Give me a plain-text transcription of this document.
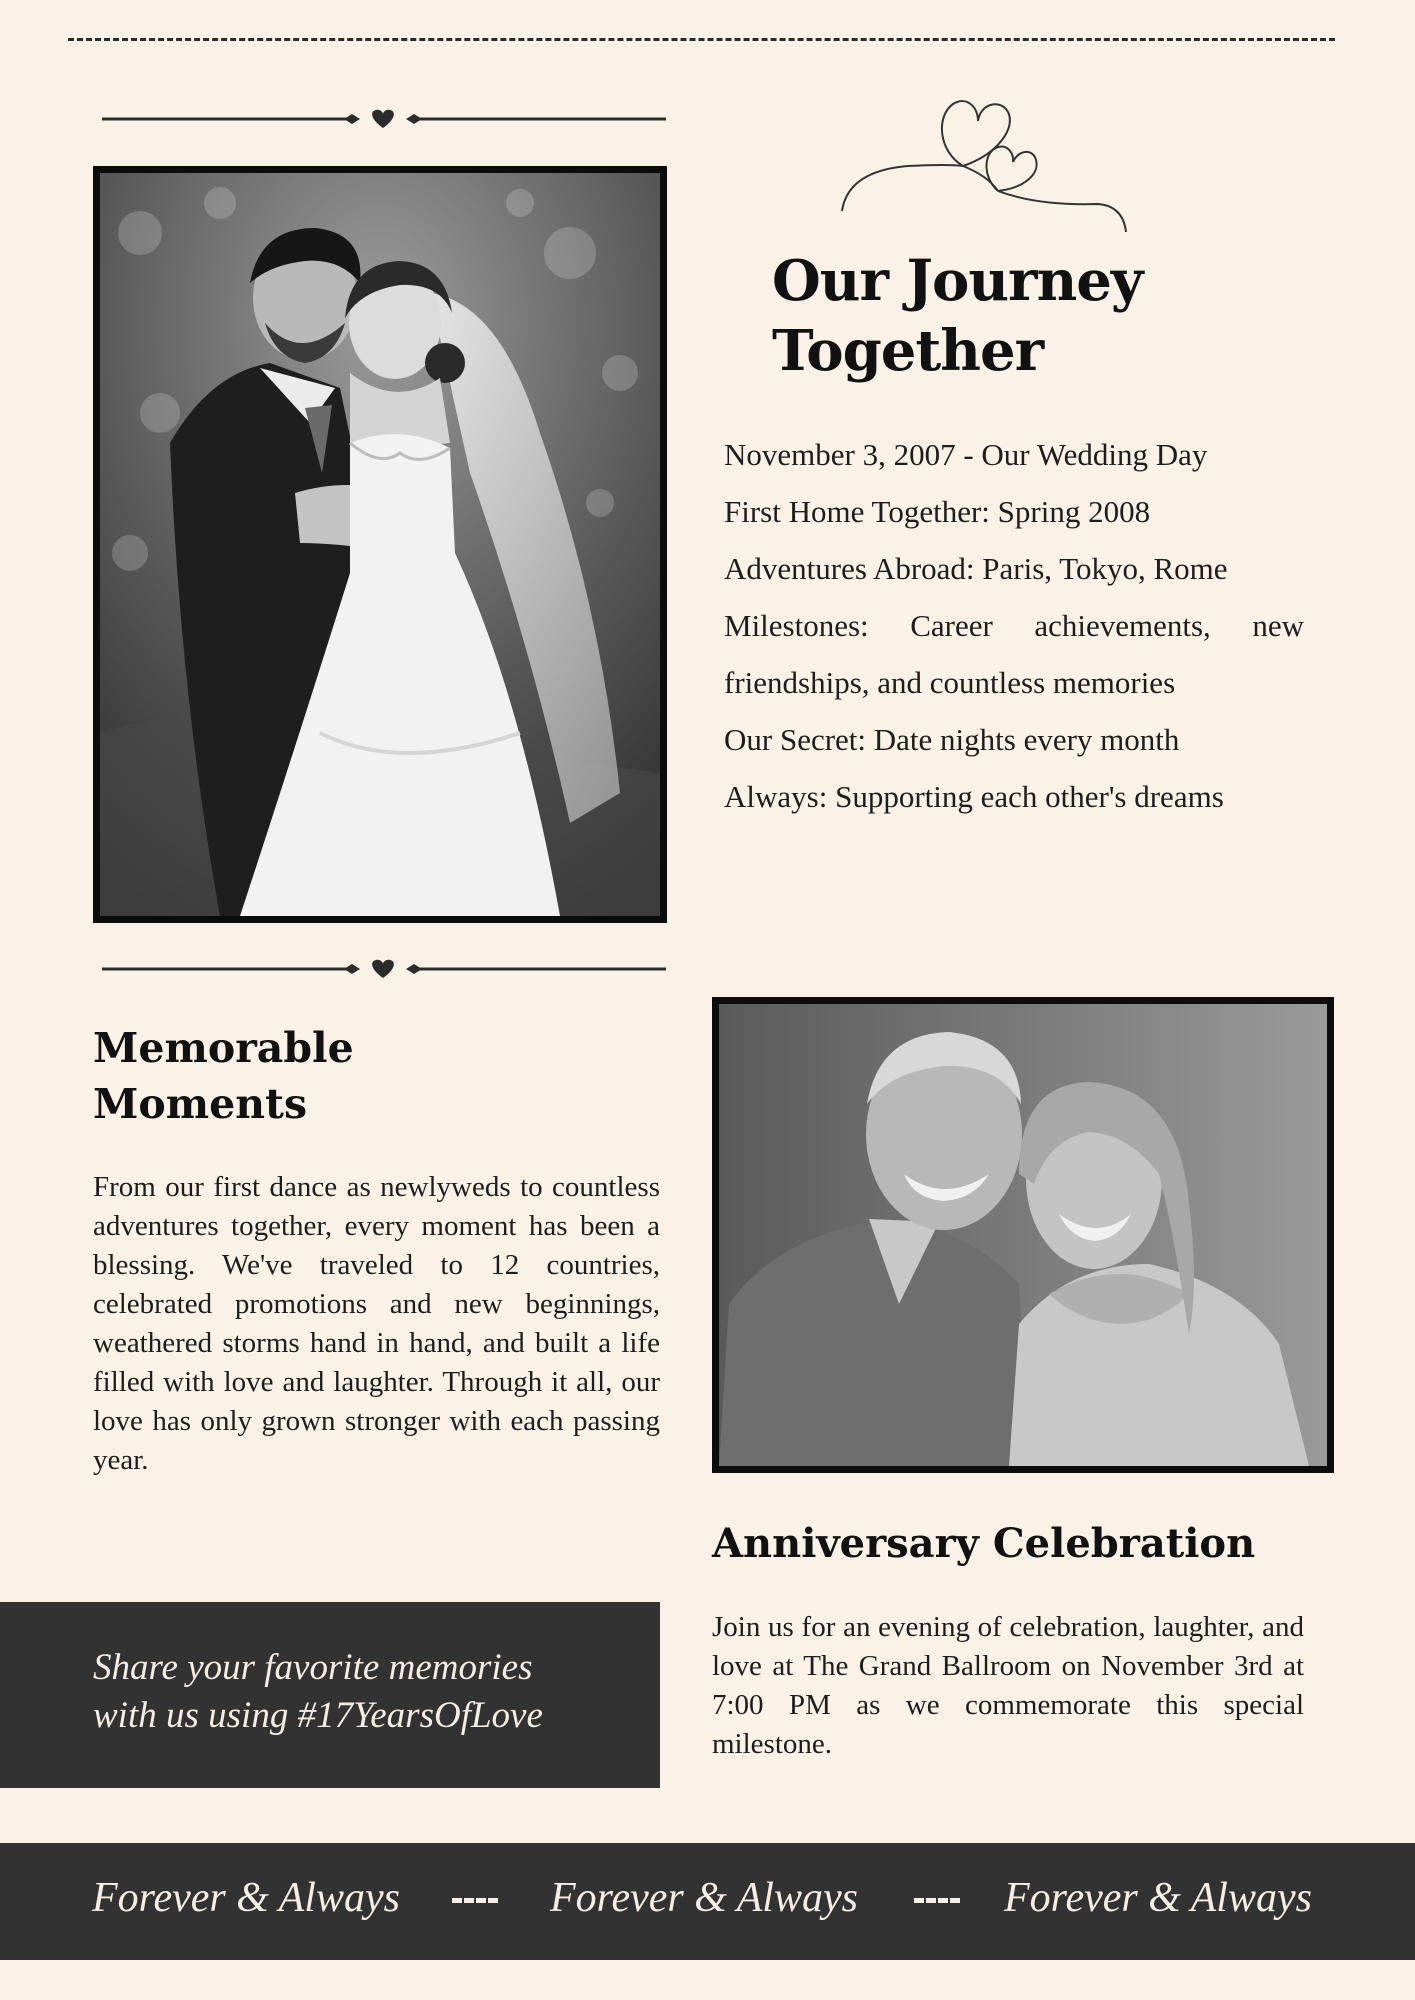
Our Journey
Together
November 3, 2007 - Our Wedding Day
First Home Together: Spring 2008
Adventures Abroad: Paris, Tokyo, Rome
Milestones: Career achievements, new friendships, and countless memories
Our Secret: Date nights every month
Always: Supporting each other's dreams
Memorable
Moments
From our first dance as newlyweds to countless adventures together, every moment has been a blessing. We've traveled to 12 countries, celebrated promotions and new beginnings, weathered storms hand in hand, and built a life filled with love and laughter. Through it all, our love has only grown stronger with each passing year.
Anniversary Celebration
Join us for an evening of celebration, laughter, and love at The Grand Ballroom on November 3rd at 7:00 PM as we commemorate this special milestone.
Share your favorite memories
with us using #17YearsOfLove
Forever & Always	Forever & Always	Forever & Always
